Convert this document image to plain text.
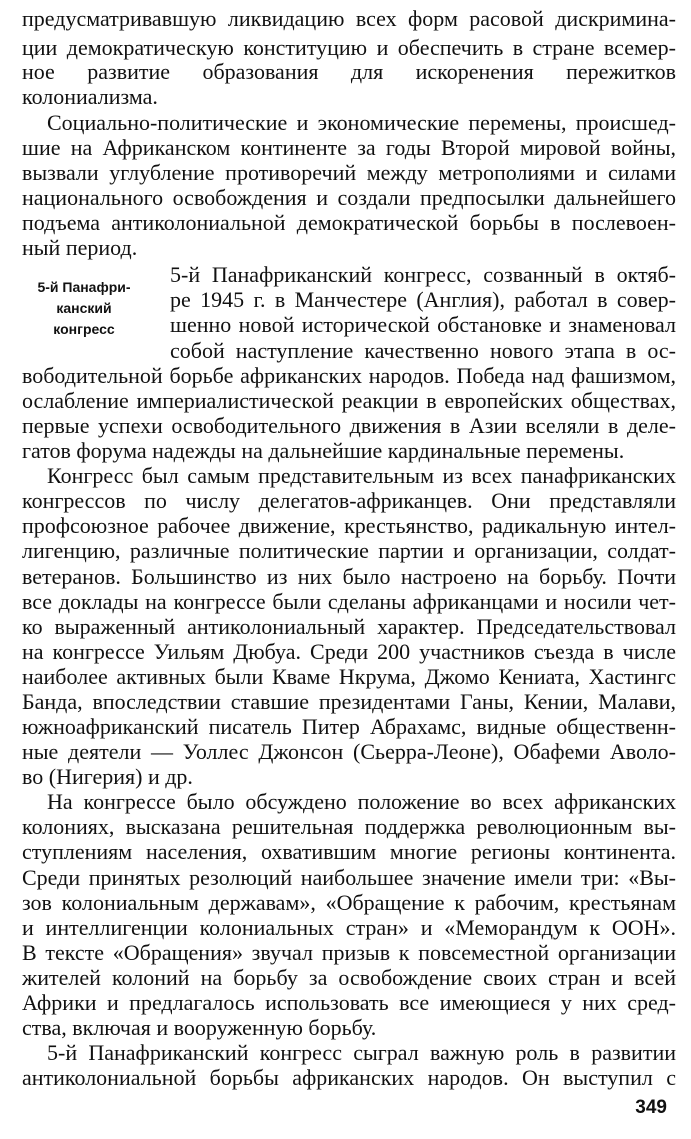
предусматривавшую ликвидацию всех форм расовой дискримина-
ции демократическую конституцию и обеспечить в стране всемер-
ное развитие образования для искоренения пережитков
колониализма.
Социально-политические и экономические перемены, происшед-
шие на Африканском континенте за годы Второй мировой войны,
вызвали углубление противоречий между метрополиями и силами
национального освобождения и создали предпосылки дальнейшего
подъема антиколониальной демократической борьбы в послевоен-
ный период.
5-й Панафри-
канский
конгресс
5-й Панафриканский конгресс, созванный в октяб-
ре 1945 г. в Манчестере (Англия), работал в совер-
шенно новой исторической обстановке и знаменовал
собой наступление качественно нового этапа в ос-
вободительной борьбе африканских народов. Победа над фашизмом,
ослабление империалистической реакции в европейских обществах,
первые успехи освободительного движения в Азии вселяли в деле-
гатов форума надежды на дальнейшие кардинальные перемены.
Конгресс был самым представительным из всех панафриканских
конгрессов по числу делегатов-африканцев. Они представляли
профсоюзное рабочее движение, крестьянство, радикальную интел-
лигенцию, различные политические партии и организации, солдат-
ветеранов. Большинство из них было настроено на борьбу. Почти
все доклады на конгрессе были сделаны африканцами и носили чет-
ко выраженный антиколониальный характер. Председательствовал
на конгрессе Уильям Дюбуа. Среди 200 участников съезда в числе
наиболее активных были Кваме Нкрума, Джомо Кениата, Хастингс
Банда, впоследствии ставшие президентами Ганы, Кении, Малави,
южноафриканский писатель Питер Абрахамс, видные общественн-
ные деятели — Уоллес Джонсон (Сьерра-Леоне), Обафеми Аволо-
во (Нигерия) и др.
На конгрессе было обсуждено положение во всех африканских
колониях, высказана решительная поддержка революционным вы-
ступлениям населения, охватившим многие регионы континента.
Среди принятых резолюций наибольшее значение имели три: «Вы-
зов колониальным державам», «Обращение к рабочим, крестьянам
и интеллигенции колониальных стран» и «Меморандум к ООН».
В тексте «Обращения» звучал призыв к повсеместной организации
жителей колоний на борьбу за освобождение своих стран и всей
Африки и предлагалось использовать все имеющиеся у них сред-
ства, включая и вооруженную борьбу.
5-й Панафриканский конгресс сыграл важную роль в развитии
антиколониальной борьбы африканских народов. Он выступил с
349
